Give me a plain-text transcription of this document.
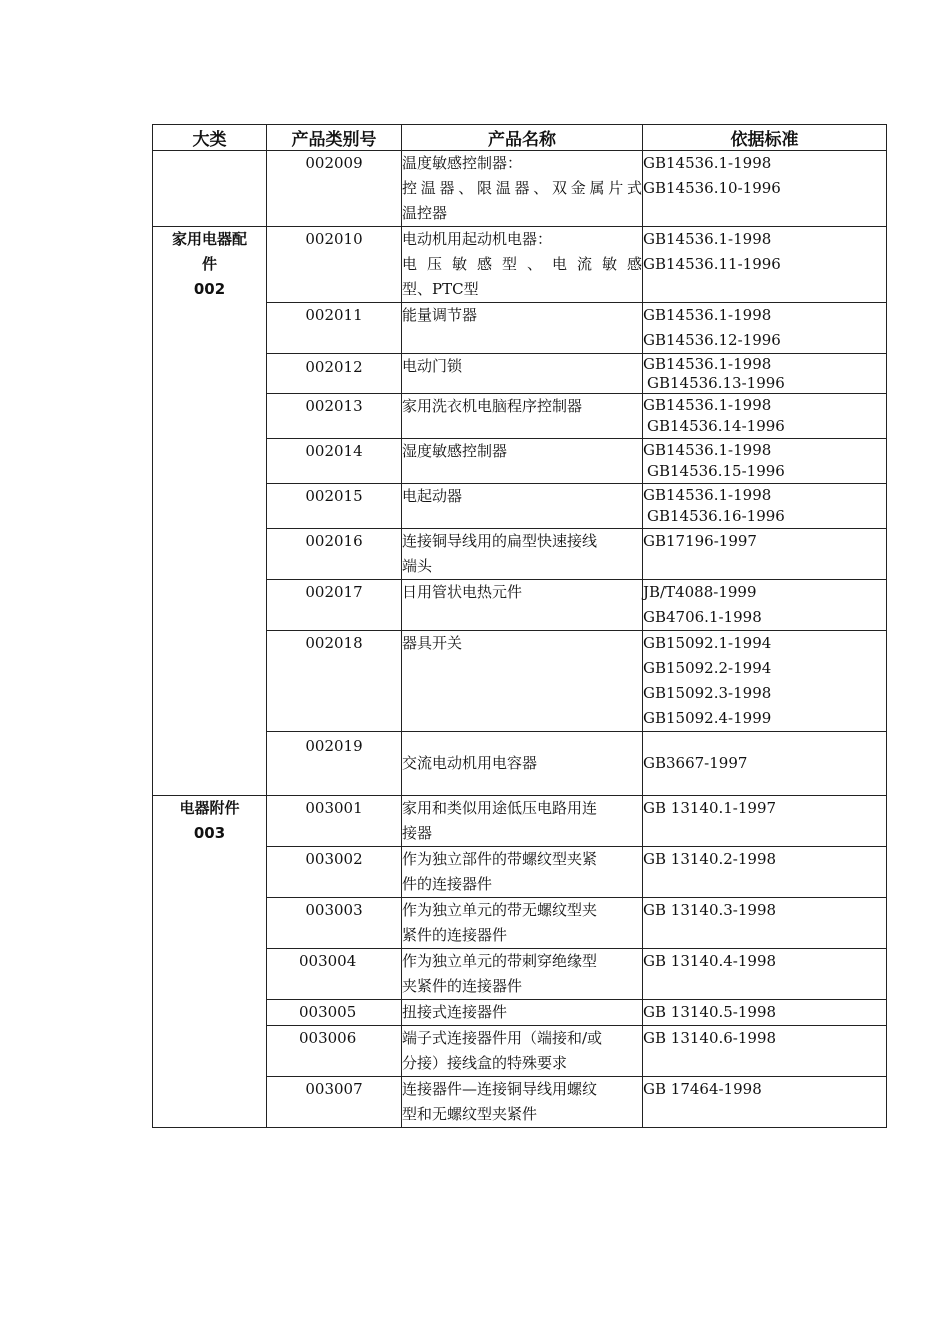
大类	产品类别号	产品名称	依据标准
	002009	温度敏感控制器：
控温器、限温器、双金属片式
温控器	GB14536.1-1998
GB14536.10-1996

家用电器配
件
002	002010	电动机用起动机电器：
电压敏感型、电流敏感
型、PTC型	GB14536.1-1998
GB14536.11-1996

	002011	能量调节器	GB14536.1-1998
GB14536.12-1996

	002012	电动门锁	GB14536.1-1998
GB14536.13-1996

	002013	家用洗衣机电脑程序控制器	GB14536.1-1998
GB14536.14-1996

	002014	湿度敏感控制器	GB14536.1-1998
GB14536.15-1996

	002015	电起动器	GB14536.1-1998
GB14536.16-1996

	002016	连接铜导线用的扁型快速接线
端头	GB17196-1997

	002017	日用管状电热元件	JB/T4088-1999
GB4706.1-1998

	002018	器具开关	GB15092.1-1994
GB15092.2-1994
GB15092.3-1998
GB15092.4-1999

	002019	交流电动机用电容器	GB3667-1997

电器附件
003	003001	家用和类似用途低压电路用连
接器	GB 13140.1-1997

	003002	作为独立部件的带螺纹型夹紧
件的连接器件	GB 13140.2-1998

	003003	作为独立单元的带无螺纹型夹
紧件的连接器件	GB 13140.3-1998

	003004	作为独立单元的带刺穿绝缘型
夹紧件的连接器件	GB 13140.4-1998

	003005	扭接式连接器件	GB 13140.5-1998

	003006	端子式连接器件用（端接和/或
分接）接线盒的特殊要求	GB 13140.6-1998

	003007	连接器件—连接铜导线用螺纹
型和无螺纹型夹紧件	GB 17464-1998
